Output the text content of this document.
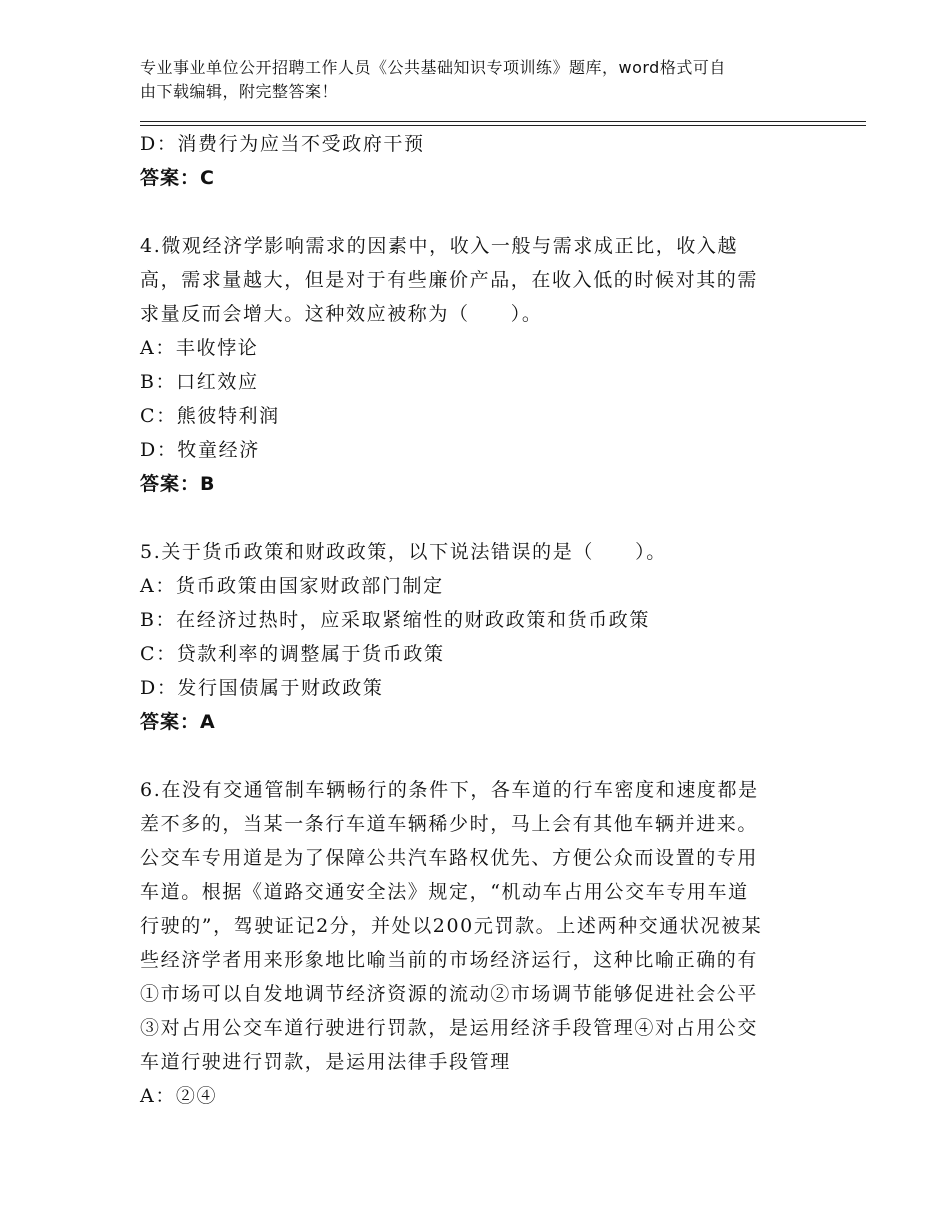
专业事业单位公开招聘工作人员《公共基础知识专项训练》题库，word格式可自
由下载编辑，附完整答案！
D：消费行为应当不受政府干预
答案：C
4.微观经济学影响需求的因素中，收入一般与需求成正比，收入越
高，需求量越大，但是对于有些廉价产品，在收入低的时候对其的需
求量反而会增大。这种效应被称为（　　）。
A：丰收悖论
B：口红效应
C：熊彼特利润
D：牧童经济
答案：B
5.关于货币政策和财政政策，以下说法错误的是（　　）。
A：货币政策由国家财政部门制定
B：在经济过热时，应采取紧缩性的财政政策和货币政策
C：贷款利率的调整属于货币政策
D：发行国债属于财政政策
答案：A
6.在没有交通管制车辆畅行的条件下，各车道的行车密度和速度都是
差不多的，当某一条行车道车辆稀少时，马上会有其他车辆并进来。
公交车专用道是为了保障公共汽车路权优先、方便公众而设置的专用
车道。根据《道路交通安全法》规定，“机动车占用公交车专用车道
行驶的”，驾驶证记2分，并处以200元罚款。上述两种交通状况被某
些经济学者用来形象地比喻当前的市场经济运行，这种比喻正确的有
①市场可以自发地调节经济资源的流动②市场调节能够促进社会公平
③对占用公交车道行驶进行罚款，是运用经济手段管理④对占用公交
车道行驶进行罚款，是运用法律手段管理
A：②④
